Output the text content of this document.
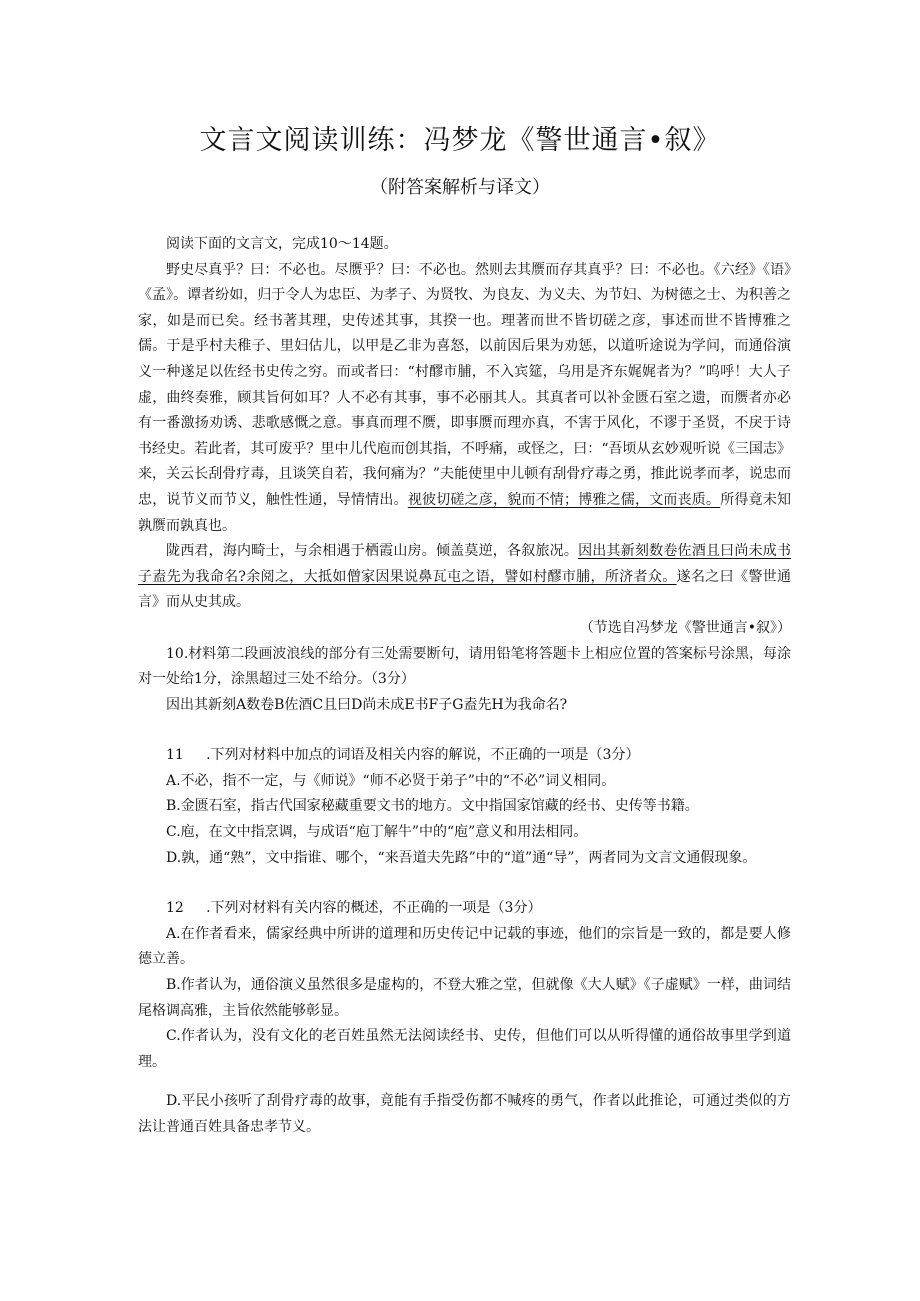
文言文阅读训练：冯梦龙《警世通言•叙》
（附答案解析与译文）

阅读下面的文言文，完成10～14题。

野史尽真乎？曰：不必也。尽赝乎？曰：不必也。然则去其赝而存其真乎？曰：不必也。《六经》《语》《孟》。谭者纷如，归于令人为忠臣、为孝子、为贤牧、为良友、为义夫、为节妇、为树德之士、为积善之家，如是而已矣。经书著其理，史传述其事，其揆一也。理著而世不皆切磋之彦，事述而世不皆博雅之儒。于是乎村夫稚子、里妇估儿，以甲是乙非为喜怒，以前因后果为劝惩，以道听途说为学问，而通俗演义一种遂足以佐经书史传之穷。而或者曰：“村醪市脯，不入宾筵，乌用是齐东娓娓者为？”呜呼！大人子虚，曲终奏雅，顾其旨何如耳？人不必有其事，事不必丽其人。其真者可以补金匮石室之遗，而赝者亦必有一番激扬劝诱、悲歌感慨之意。事真而理不赝，即事赝而理亦真，不害于风化，不谬于圣贤，不戾于诗书经史。若此者，其可废乎？里中儿代庖而创其指，不呼痛，或怪之，曰：“吾顷从玄妙观听说《三国志》来，关云长刮骨疗毒，且谈笑自若，我何痛为？”夫能使里中儿顿有刮骨疗毒之勇，推此说孝而孝，说忠而忠，说节义而节义，触性性通，导情情出。视彼切磋之彦，貌而不情；博雅之儒，文而丧质。所得竟未知孰赝而孰真也。

陇西君，海内畸士，与余相遇于栖霞山房。倾盖莫逆，各叙旅况。因出其新刻数卷佐酒且曰尚未成书子盍先为我命名?余阅之，大抵如僧家因果说鼻瓦屯之语，譬如村醪市脯，所济者众。遂名之曰《警世通言》而从史其成。

（节选自冯梦龙《警世通言•叙》）

10.材料第二段画波浪线的部分有三处需要断句，请用铅笔将答题卡上相应位置的答案标号涂黑，每涂对一处给1分，涂黑超过三处不给分。（3分）

因出其新刻A数卷B佐酒C且曰D尚未成E书F子G盍先H为我命名?

11 .下列对材料中加点的词语及相关内容的解说，不正确的一项是（3分）

A.不必，指不一定，与《师说》“师不必贤于弟子”中的“不必”词义相同。

B.金匮石室，指古代国家秘藏重要文书的地方。文中指国家馆藏的经书、史传等书籍。

C.庖，在文中指烹调，与成语“庖丁解牛”中的“庖”意义和用法相同。

D.孰，通“熟”，文中指谁、哪个，“来吾道夫先路”中的“道”通“导”，两者同为文言文通假现象。

12 .下列对材料有关内容的概述，不正确的一项是（3分）

A.在作者看来，儒家经典中所讲的道理和历史传记中记载的事迹，他们的宗旨是一致的，都是要人修德立善。

B.作者认为，通俗演义虽然很多是虚构的，不登大雅之堂，但就像《大人赋》《子虚赋》一样，曲词结尾格调高雅，主旨依然能够彰显。

C.作者认为，没有文化的老百姓虽然无法阅读经书、史传，但他们可以从听得懂的通俗故事里学到道理。

D.平民小孩听了刮骨疗毒的故事，竟能有手指受伤都不喊疼的勇气，作者以此推论，可通过类似的方法让普通百姓具备忠孝节义。
